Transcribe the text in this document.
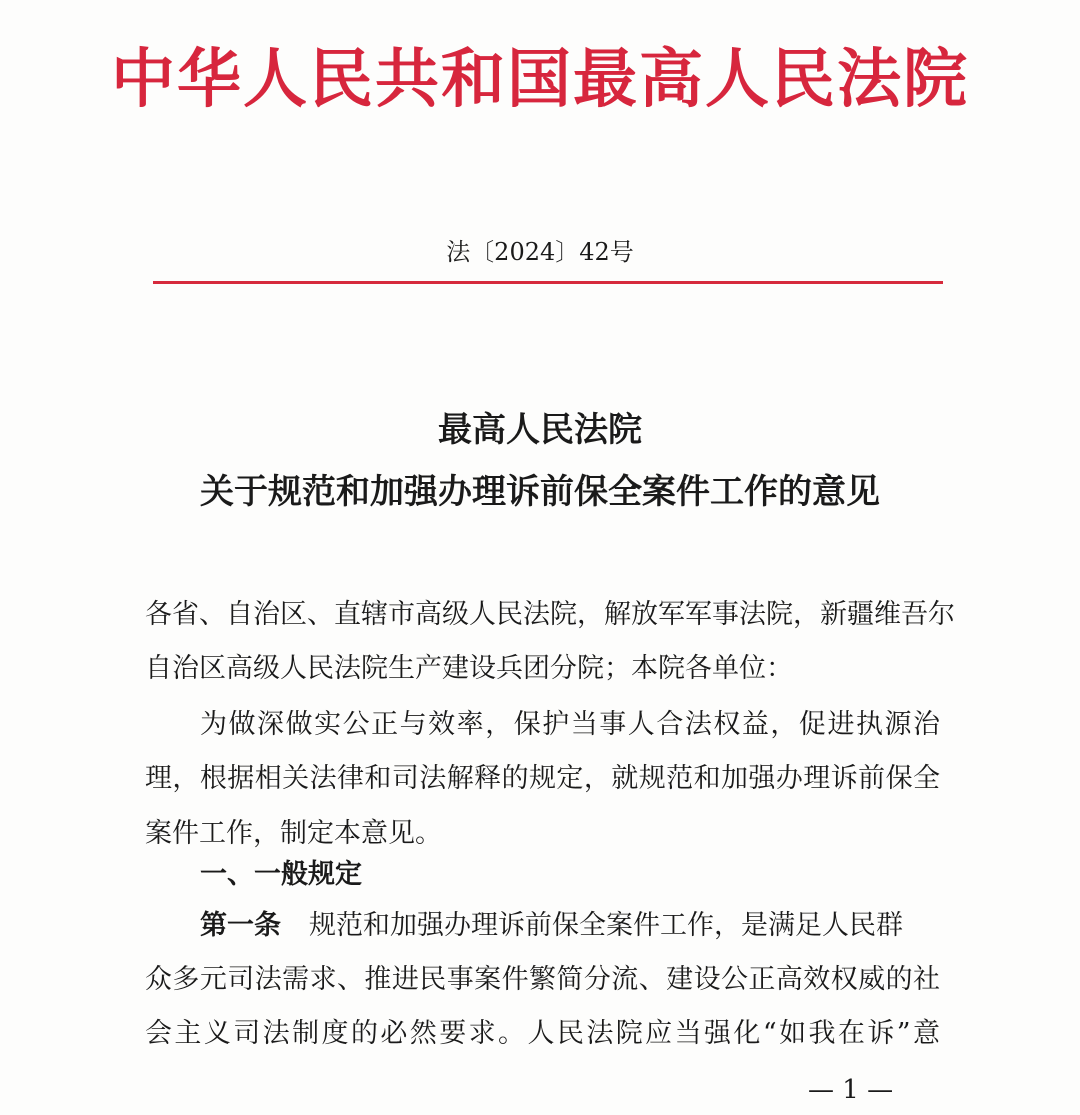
中华人民共和国最高人民法院
法〔2024〕42号
最高人民法院
关于规范和加强办理诉前保全案件工作的意见
各省、自治区、直辖市高级人民法院，解放军军事法院，新疆维吾尔
自治区高级人民法院生产建设兵团分院；本院各单位：
为做深做实公正与效率，保护当事人合法权益，促进执源治
理，根据相关法律和司法解释的规定，就规范和加强办理诉前保全
案件工作，制定本意见。
一、一般规定
第一条 规范和加强办理诉前保全案件工作，是满足人民群
众多元司法需求、推进民事案件繁简分流、建设公正高效权威的社
会主义司法制度的必然要求。人民法院应当强化“如我在诉”意
— 1 —
